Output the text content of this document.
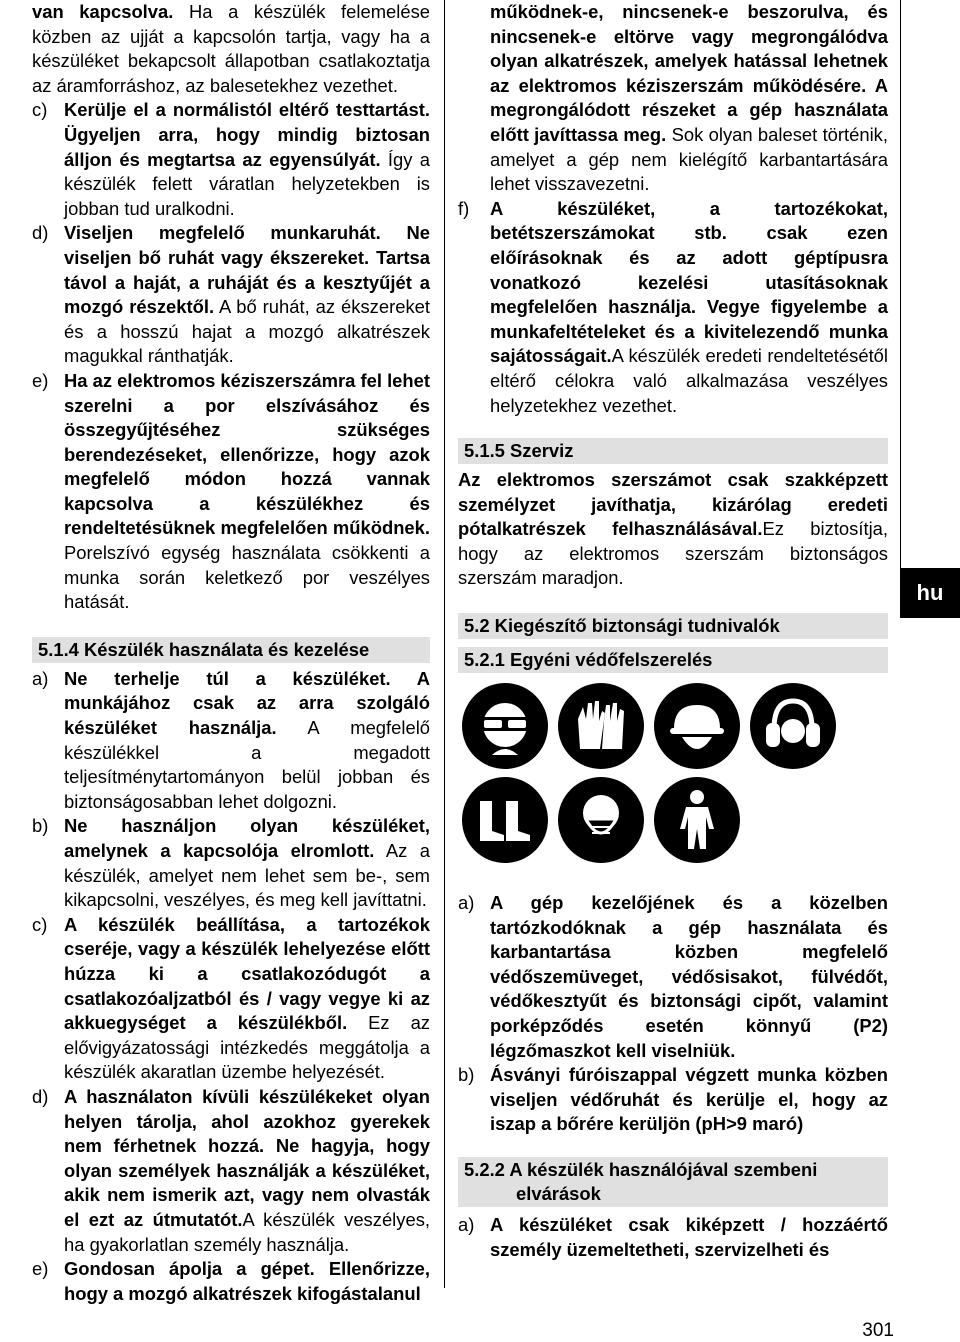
van kapcsolva. Ha a készülék felemelése közben az ujját a kapcsolón tartja, vagy ha a készüléket bekapcsolt állapotban csatlakoztatja az áramforráshoz, az balesetekhez vezethet.

c) Kerülje el a normálistól eltérő testtartást. Ügyeljen arra, hogy mindig biztosan álljon és megtartsa az egyensúlyát. Így a készülék felett váratlan helyzetekben is jobban tud uralkodni.
d) Viseljen megfelelő munkaruhát. Ne viseljen bő ruhát vagy ékszereket. Tartsa távol a haját, a ruháját és a kesztyűjét a mozgó részektől. A bő ruhát, az ékszereket és a hosszú hajat a mozgó alkatrészek magukkal ránthatják.
e) Ha az elektromos kéziszerszámra fel lehet szerelni a por elszívásához és összegyűjtéséhez szükséges berendezéseket, ellenőrizze, hogy azok megfelelő módon hozzá vannak kapcsolva a készülékhez és rendeltetésüknek megfelelően működnek. Porelszívó egység használata csökkenti a munka során keletkező por veszélyes hatását.
5.1.4 Készülék használata és kezelése
a) Ne terhelje túl a készüléket. A munkájához csak az arra szolgáló készüléket használja. A megfelelő készülékkel a megadott teljesítménytartományon belül jobban és biztonságosabban lehet dolgozni.
b) Ne használjon olyan készüléket, amelynek a kapcsolója elromlott. Az a készülék, amelyet nem lehet sem be-, sem kikapcsolni, veszélyes, és meg kell javíttatni.
c) A készülék beállítása, a tartozékok cseréje, vagy a készülék lehelyezése előtt húzza ki a csatlakozódugót a csatlakozóaljzatból és / vagy vegye ki az akkuegységet a készülékből. Ez az elővigyázatossági intézkedés meggátolja a készülék akaratlan üzembe helyezését.
d) A használaton kívüli készülékeket olyan helyen tárolja, ahol azokhoz gyerekek nem férhetnek hozzá. Ne hagyja, hogy olyan személyek használják a készüléket, akik nem ismerik azt, vagy nem olvasták el ezt az útmutatót.A készülék veszélyes, ha gyakorlatlan személy használja.
e) Gondosan ápolja a gépet. Ellenőrizze, hogy a mozgó alkatrészek kifogástalanul

működnek-e, nincsenek-e beszorulva, és nincsenek-e eltörve vagy megrongálódva olyan alkatrészek, amelyek hatással lehetnek az elektromos kéziszerszám működésére. A megrongálódott részeket a gép használata előtt javíttassa meg. Sok olyan baleset történik, amelyet a gép nem kielégítő karbantartására lehet visszavezetni.

f)	A készüléket, a tartozékokat, betétszerszámokat stb. csak ezen előírásoknak és az adott géptípusra vonatkozó kezelési utasításoknak megfelelően használja. Vegye figyelembe a munkafeltételeket és a kivitelezendő munka sajátosságait.A készülék eredeti rendeltetésétől eltérő célokra való alkalmazása veszélyes helyzetekhez vezethet.
5.1.5 Szerviz

Az elektromos szerszámot csak szakképzett személyzet javíthatja, kizárólag eredeti pótalkatrészek felhasználásával.Ez biztosítja, hogy az elektromos szerszám biztonságos szerszám maradjon.

5.2 Kiegészítő biztonsági tudnivalók
5.2.1 Egyéni védőfelszerelés
a) A gép kezelőjének és a közelben tartózkodóknak a gép használata és karbantartása közben megfelelő védőszemüveget, védősisakot, fülvédőt, védőkesztyűt és biztonsági cipőt, valamint porképződés esetén könnyű (P2) légzőmaszkot kell viselniük.
b) Ásványi fúróiszappal végzett munka közben viseljen védőruhát és kerülje el, hogy az iszap a bőrére kerüljön (pH>9 maró)
5.2.2 A készülék használójával szembeni elvárások
a) A készüléket csak kiképzett / hozzáértő személy üzemeltetheti, szervizelheti és
hu
301
